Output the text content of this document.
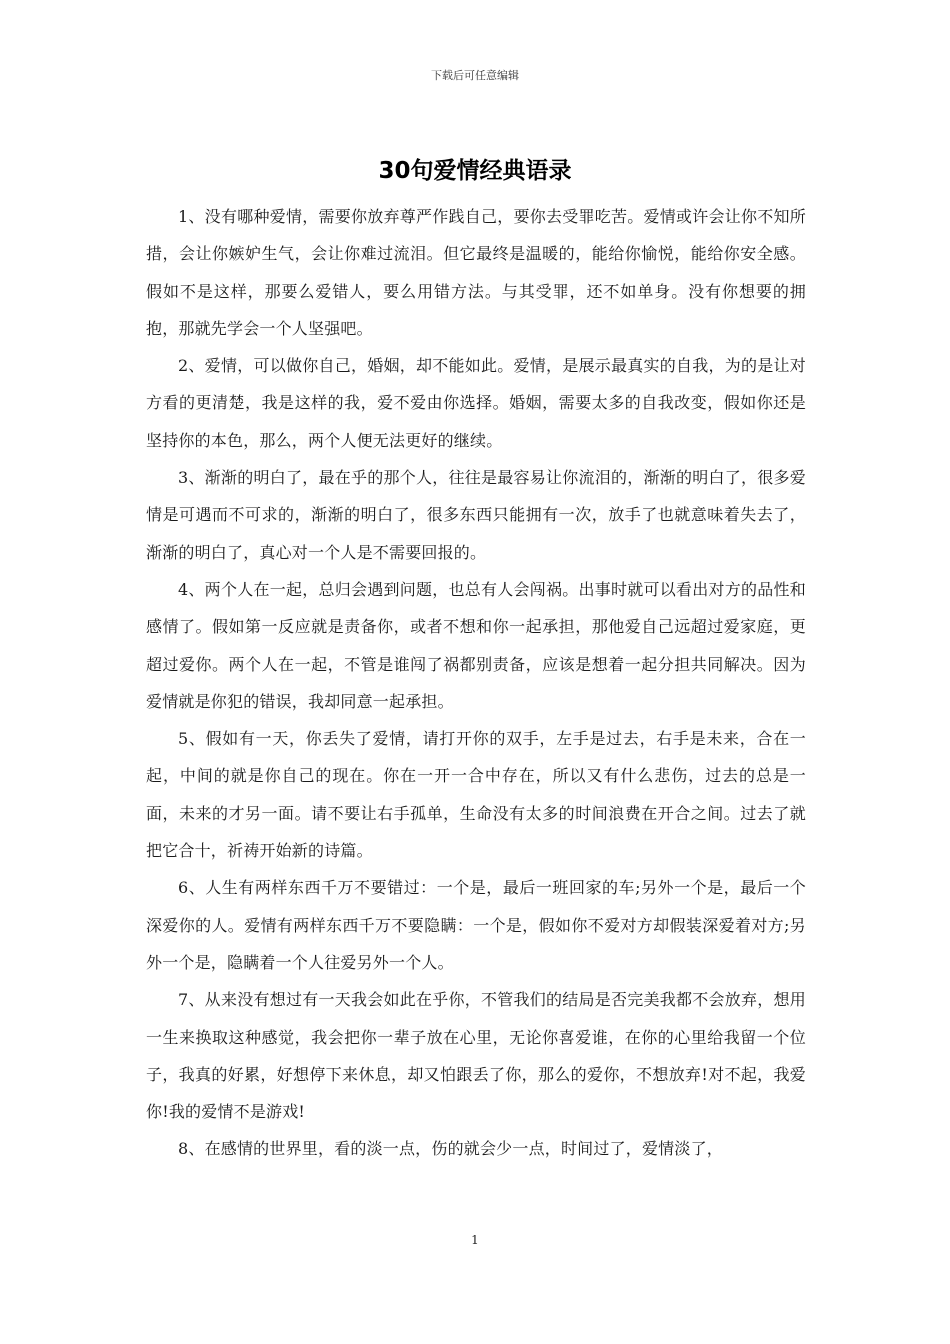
下载后可任意编辑
30句爱情经典语录

1、没有哪种爱情，需要你放弃尊严作践自己，要你去受罪吃苦。爱情或许会让你不知所措，会让你嫉妒生气，会让你难过流泪。但它最终是温暖的，能给你愉悦，能给你安全感。假如不是这样，那要么爱错人，要么用错方法。与其受罪，还不如单身。没有你想要的拥抱，那就先学会一个人坚强吧。

2、爱情，可以做你自己，婚姻，却不能如此。爱情，是展示最真实的自我，为的是让对方看的更清楚，我是这样的我，爱不爱由你选择。婚姻，需要太多的自我改变，假如你还是坚持你的本色，那么，两个人便无法更好的继续。

3、渐渐的明白了，最在乎的那个人，往往是最容易让你流泪的，渐渐的明白了，很多爱情是可遇而不可求的，渐渐的明白了，很多东西只能拥有一次，放手了也就意味着失去了，渐渐的明白了，真心对一个人是不需要回报的。

4、两个人在一起，总归会遇到问题，也总有人会闯祸。出事时就可以看出对方的品性和感情了。假如第一反应就是责备你，或者不想和你一起承担，那他爱自己远超过爱家庭，更超过爱你。两个人在一起，不管是谁闯了祸都别责备，应该是想着一起分担共同解决。因为爱情就是你犯的错误，我却同意一起承担。

5、假如有一天，你丢失了爱情，请打开你的双手，左手是过去，右手是未来，合在一起，中间的就是你自己的现在。你在一开一合中存在，所以又有什么悲伤，过去的总是一面，未来的才另一面。请不要让右手孤单，生命没有太多的时间浪费在开合之间。过去了就把它合十，祈祷开始新的诗篇。

6、人生有两样东西千万不要错过：一个是，最后一班回家的车;另外一个是，最后一个深爱你的人。爱情有两样东西千万不要隐瞒：一个是，假如你不爱对方却假装深爱着对方;另外一个是，隐瞒着一个人往爱另外一个人。

7、从来没有想过有一天我会如此在乎你，不管我们的结局是否完美我都不会放弃，想用一生来换取这种感觉，我会把你一辈子放在心里，无论你喜爱谁，在你的心里给我留一个位子，我真的好累，好想停下来休息，却又怕跟丢了你，那么的爱你，不想放弃!对不起，我爱你!我的爱情不是游戏!

8、在感情的世界里，看的淡一点，伤的就会少一点，时间过了，爱情淡了，

1
